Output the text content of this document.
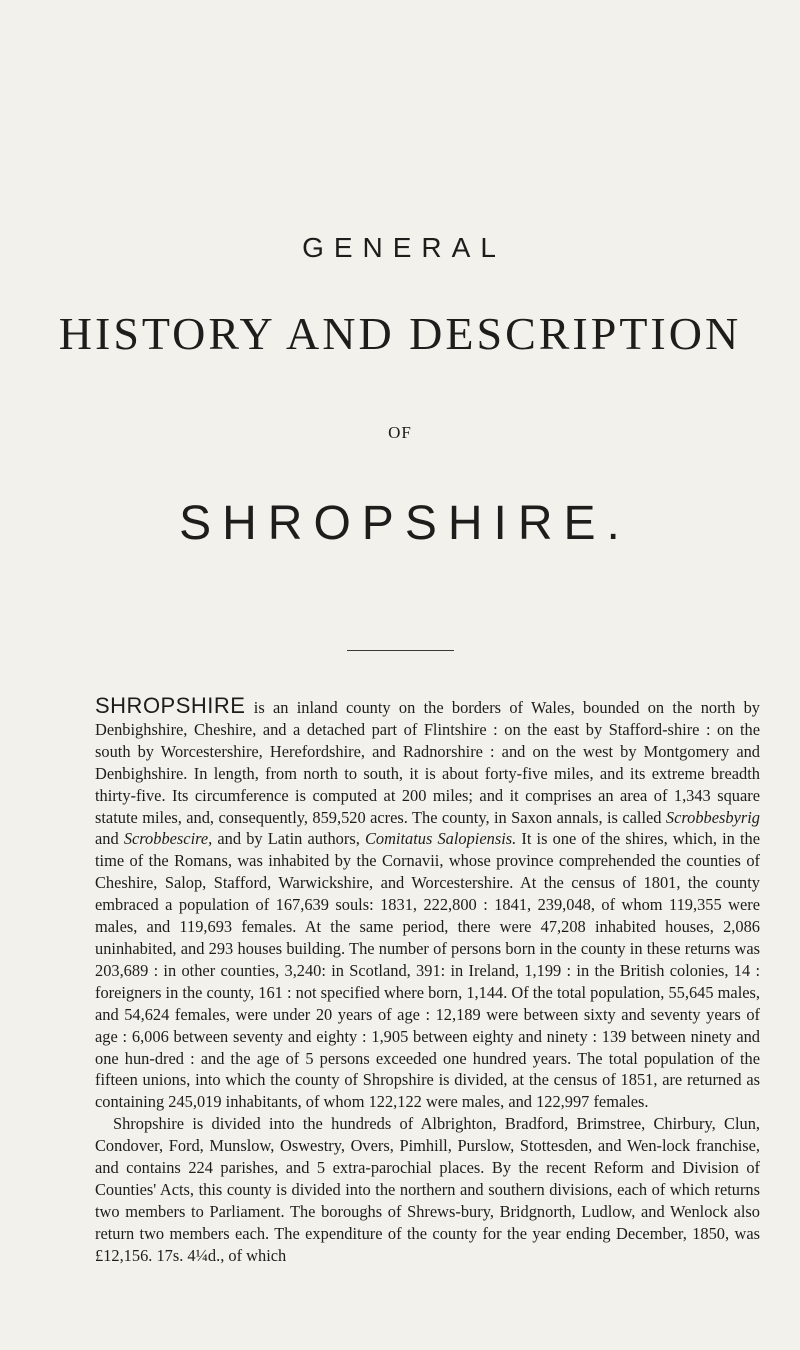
GENERAL
HISTORY AND DESCRIPTION
OF
SHROPSHIRE.

SHROPSHIRE is an inland county on the borders of Wales, bounded on the north by Denbighshire, Cheshire, and a detached part of Flintshire : on the east by Stafford-shire : on the south by Worcestershire, Herefordshire, and Radnorshire : and on the west by Montgomery and Denbighshire. In length, from north to south, it is about forty-five miles, and its extreme breadth thirty-five. Its circumference is computed at 200 miles; and it comprises an area of 1,343 square statute miles, and, consequently, 859,520 acres. The county, in Saxon annals, is called Scrobbesbyrig and Scrobbescire, and by Latin authors, Comitatus Salopiensis. It is one of the shires, which, in the time of the Romans, was inhabited by the Cornavii, whose province comprehended the counties of Cheshire, Salop, Stafford, Warwickshire, and Worcestershire. At the census of 1801, the county embraced a population of 167,639 souls: 1831, 222,800 : 1841, 239,048, of whom 119,355 were males, and 119,693 females. At the same period, there were 47,208 inhabited houses, 2,086 uninhabited, and 293 houses building. The number of persons born in the county in these returns was 203,689 : in other counties, 3,240: in Scotland, 391: in Ireland, 1,199 : in the British colonies, 14 : foreigners in the county, 161 : not specified where born, 1,144. Of the total population, 55,645 males, and 54,624 females, were under 20 years of age : 12,189 were between sixty and seventy years of age : 6,006 between seventy and eighty : 1,905 between eighty and ninety : 139 between ninety and one hun-dred : and the age of 5 persons exceeded one hundred years. The total population of the fifteen unions, into which the county of Shropshire is divided, at the census of 1851, are returned as containing 245,019 inhabitants, of whom 122,122 were males, and 122,997 females.

Shropshire is divided into the hundreds of Albrighton, Bradford, Brimstree, Chirbury, Clun, Condover, Ford, Munslow, Oswestry, Overs, Pimhill, Purslow, Stottesden, and Wen-lock franchise, and contains 224 parishes, and 5 extra-parochial places. By the recent Reform and Division of Counties' Acts, this county is divided into the northern and southern divisions, each of which returns two members to Parliament. The boroughs of Shrews-bury, Bridgnorth, Ludlow, and Wenlock also return two members each. The expenditure of the county for the year ending December, 1850, was £12,156. 17s. 4¼d., of which
